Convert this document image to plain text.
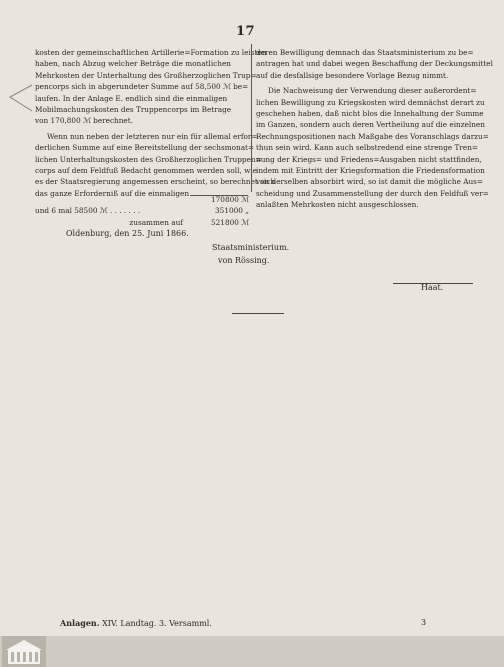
17
kosten der gemeinschaftlichen Artillerie=Formation zu leisten
haben, nach Abzug welcher Beträge die monatlichen
Mehrkosten der Unterhaltung des Großherzoglichen Trup=
pencorps sich in abgerundeter Summe auf 58,500 ℳ be=
laufen. In der Anlage E. endlich sind die einmaligen
Mobilmachungskosten des Truppencorps im Betrage
von 170,800 ℳ berechnet.
Wenn nun neben der letzteren nur ein für allemal erfor=
derlichen Summe auf eine Bereitstellung der sechsmonat=
lichen Unterhaltungskosten des Großherzoglichen Truppen=
corps auf dem Feldfuß Bedacht genommen werden soll, wie
es der Staatsregierung angemessen erscheint, so berechnet sich
das ganze Erforderniß auf die einmaligen
deren Bewilligung demnach das Staatsministerium zu be=
antragen hat und dabei wegen Beschaffung der Deckungsmittel
auf die desfallsige besondere Vorlage Bezug nimmt.
Die Nachweisung der Verwendung dieser außerordent=
lichen Bewilligung zu Kriegskosten wird demnächst derart zu
geschehen haben, daß nicht blos die Innehaltung der Summe
im Ganzen, sondern auch deren Vertheilung auf die einzelnen
Rechnungspositionen nach Maßgabe des Voranschlags darzu=
thun sein wird. Kann auch selbstredend eine strenge Tren=
nung der Kriegs= und Friedens=Ausgaben nicht stattfinden,
indem mit Eintritt der Kriegsformation die Friedensformation
von derselben absorbirt wird, so ist damit die mögliche Aus=
scheidung und Zusammenstellung der durch den Feldfuß ver=
anlaßten Mehrkosten nicht ausgeschlossen.
170800 ℳ
und 6 mal 58500 ℳ . . . . . . .	351000 „
zusammen auf	521800 ℳ
Oldenburg, den 25. Juni 1866.
Staatsministerium.
von Rössing.
Haat.
Anlagen. XIV. Landtag. 3. Versamml.	3
